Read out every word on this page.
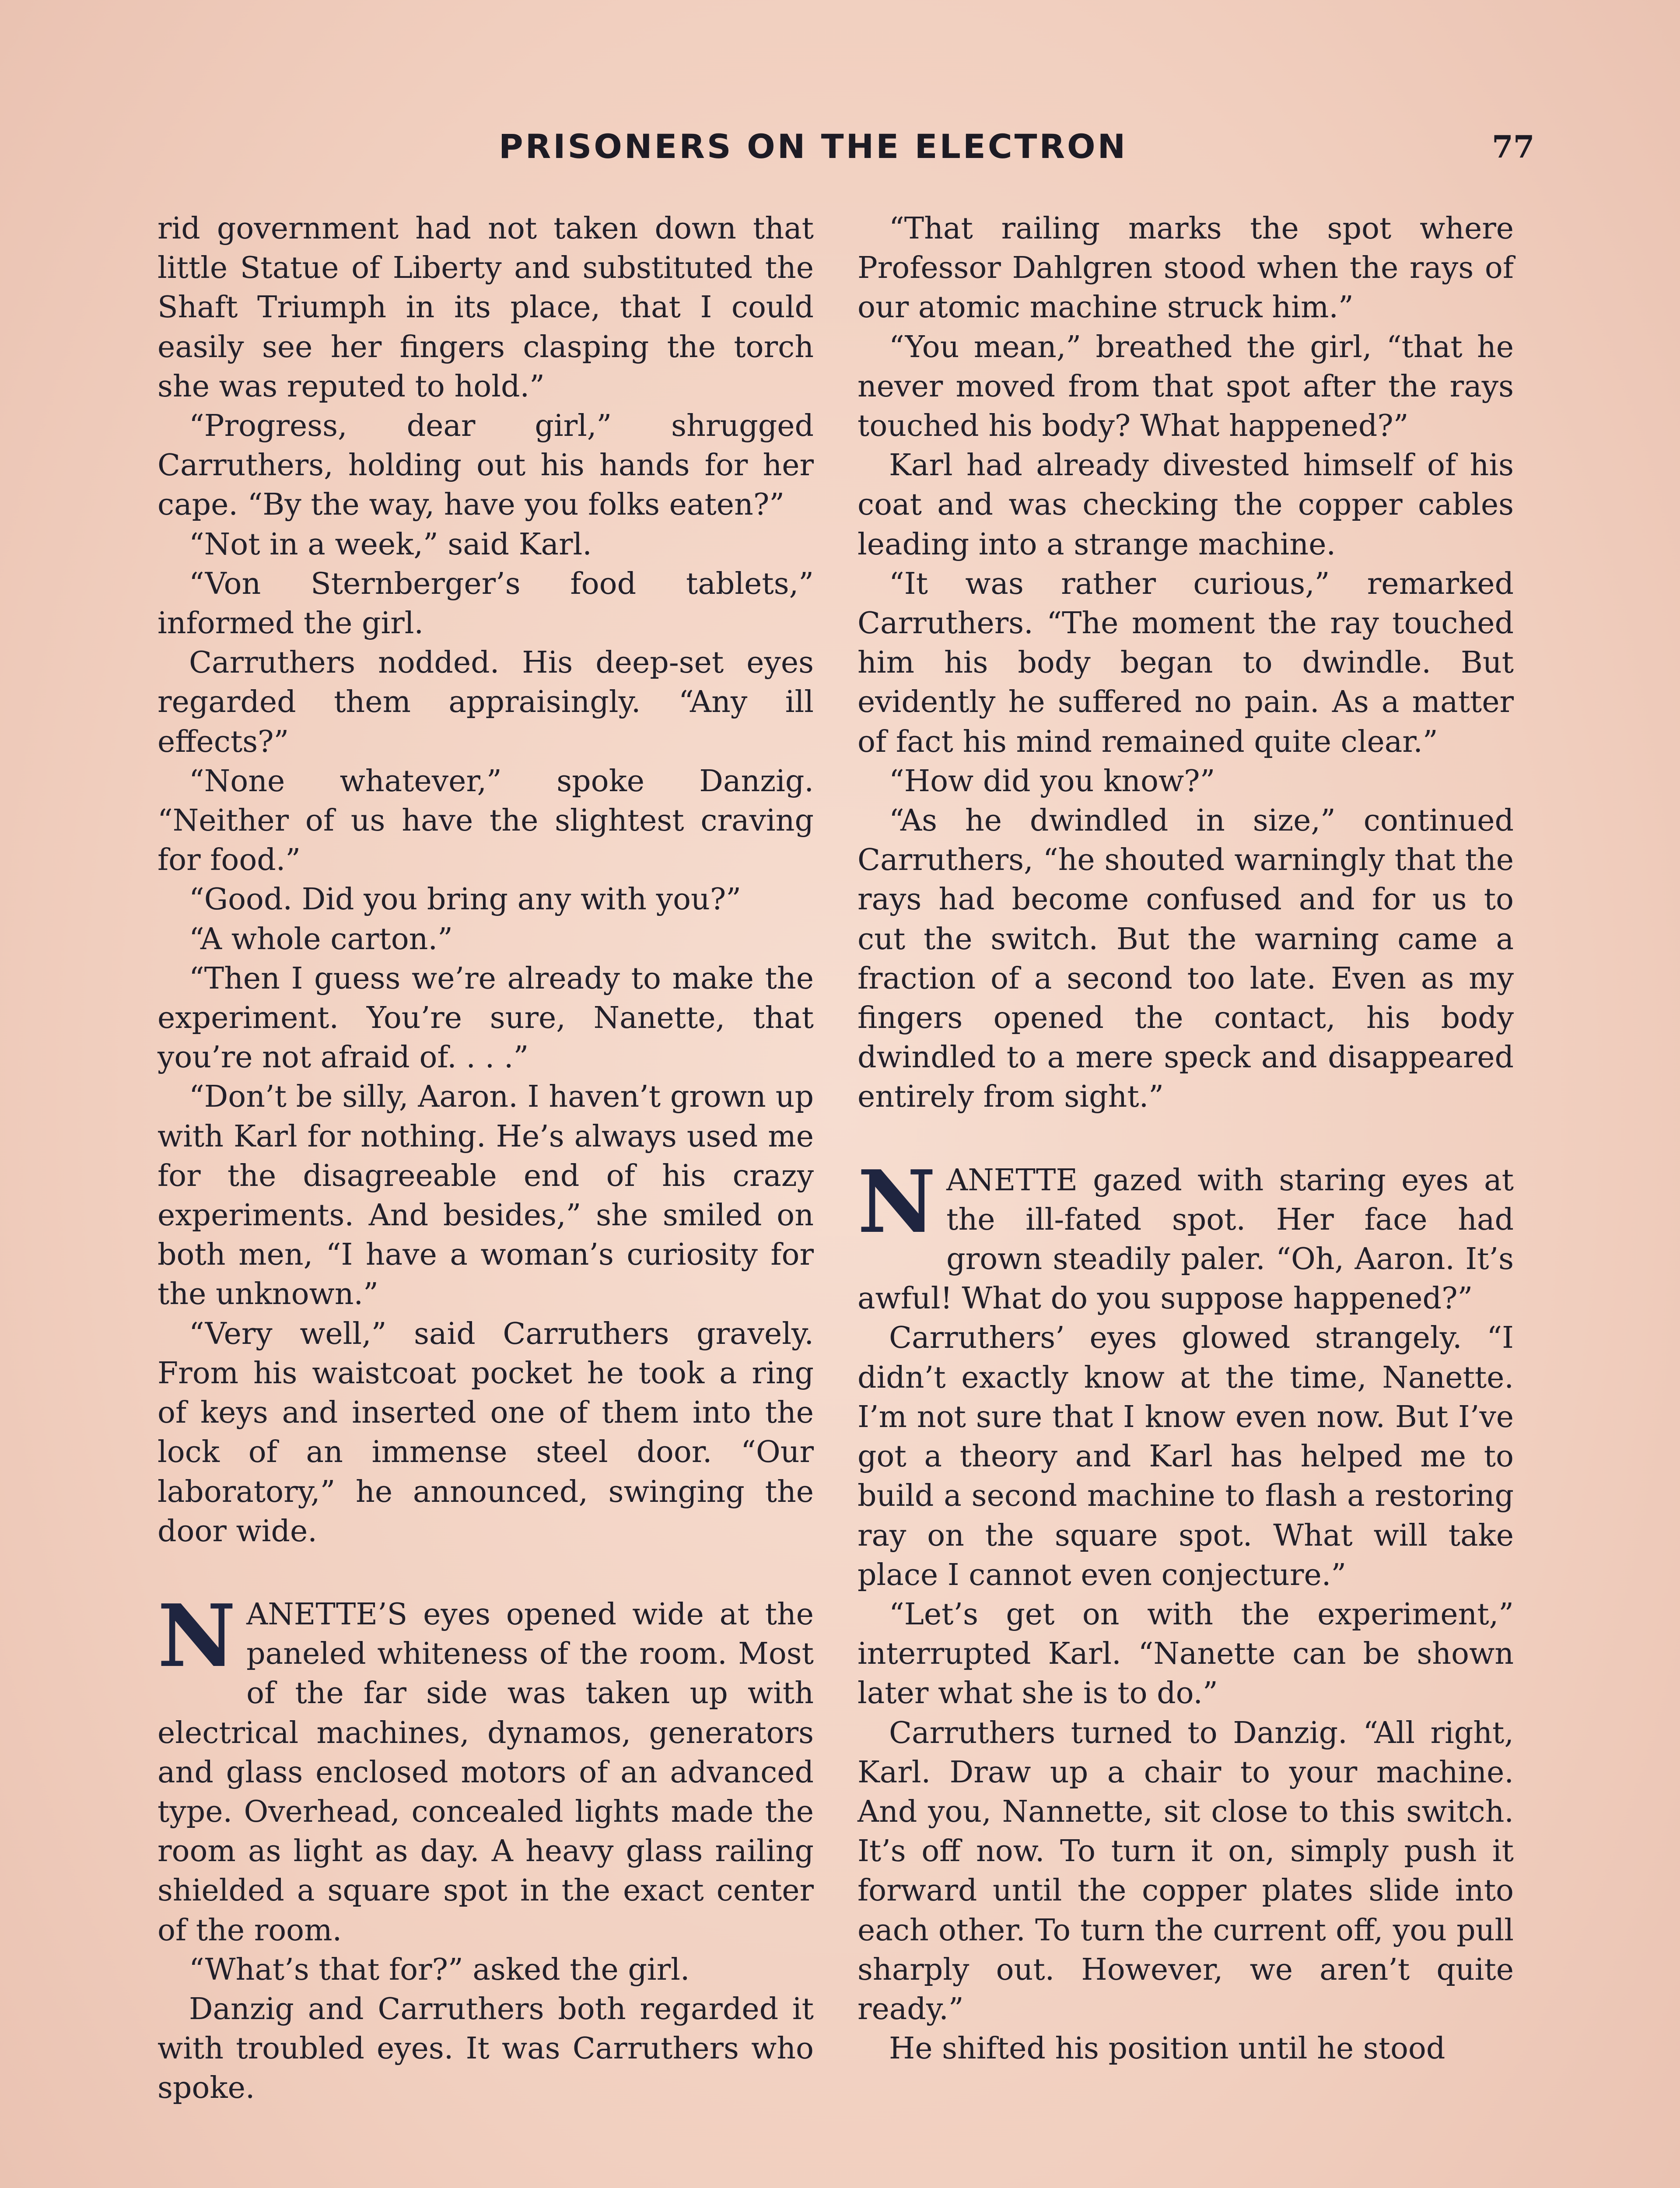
PRISONERS ON THE ELECTRON	77

rid government had not taken down that little Statue of Liberty and substituted the Shaft Triumph in its place, that I could easily see her fingers clasping the torch she was reputed to hold.”

“Progress, dear girl,” shrugged Carruthers, holding out his hands for her cape. “By the way, have you folks eaten?”

“Not in a week,” said Karl.

“Von Sternberger’s food tablets,” informed the girl.

Carruthers nodded. His deep-set eyes regarded them appraisingly. “Any ill effects?”

“None whatever,” spoke Danzig. “Neither of us have the slightest craving for food.”

“Good. Did you bring any with you?”

“A whole carton.”

“Then I guess we’re already to make the experiment. You’re sure, Nanette, that you’re not afraid of. . . .”

“Don’t be silly, Aaron. I haven’t grown up with Karl for nothing. He’s always used me for the disagreeable end of his crazy experiments. And besides,” she smiled on both men, “I have a woman’s curiosity for the unknown.”

“Very well,” said Carruthers gravely. From his waistcoat pocket he took a ring of keys and inserted one of them into the lock of an immense steel door. “Our laboratory,” he announced, swinging the door wide.

NANETTE’S eyes opened wide at the paneled whiteness of the room. Most of the far side was taken up with electrical machines, dynamos, generators and glass enclosed motors of an advanced type. Overhead, concealed lights made the room as light as day. A heavy glass railing shielded a square spot in the exact center of the room.

“What’s that for?” asked the girl.

Danzig and Carruthers both regarded it with troubled eyes. It was Carruthers who spoke.

“That railing marks the spot where Professor Dahlgren stood when the rays of our atomic machine struck him.”

“You mean,” breathed the girl, “that he never moved from that spot after the rays touched his body? What happened?”

Karl had already divested himself of his coat and was checking the copper cables leading into a strange machine.

“It was rather curious,” remarked Carruthers. “The moment the ray touched him his body began to dwindle. But evidently he suffered no pain. As a matter of fact his mind remained quite clear.”

“How did you know?”

“As he dwindled in size,” continued Carruthers, “he shouted warningly that the rays had become confused and for us to cut the switch. But the warning came a fraction of a second too late. Even as my fingers opened the contact, his body dwindled to a mere speck and disappeared entirely from sight.”

NANETTE gazed with staring eyes at the ill-fated spot. Her face had grown steadily paler. “Oh, Aaron. It’s awful! What do you suppose happened?”

Carruthers’ eyes glowed strangely. “I didn’t exactly know at the time, Nanette. I’m not sure that I know even now. But I’ve got a theory and Karl has helped me to build a second machine to flash a restoring ray on the square spot. What will take place I cannot even conjecture.”

“Let’s get on with the experiment,” interrupted Karl. “Nanette can be shown later what she is to do.”

Carruthers turned to Danzig. “All right, Karl. Draw up a chair to your machine. And you, Nannette, sit close to this switch. It’s off now. To turn it on, simply push it forward until the copper plates slide into each other. To turn the current off, you pull sharply out. However, we aren’t quite ready.”

He shifted his position until he stood
